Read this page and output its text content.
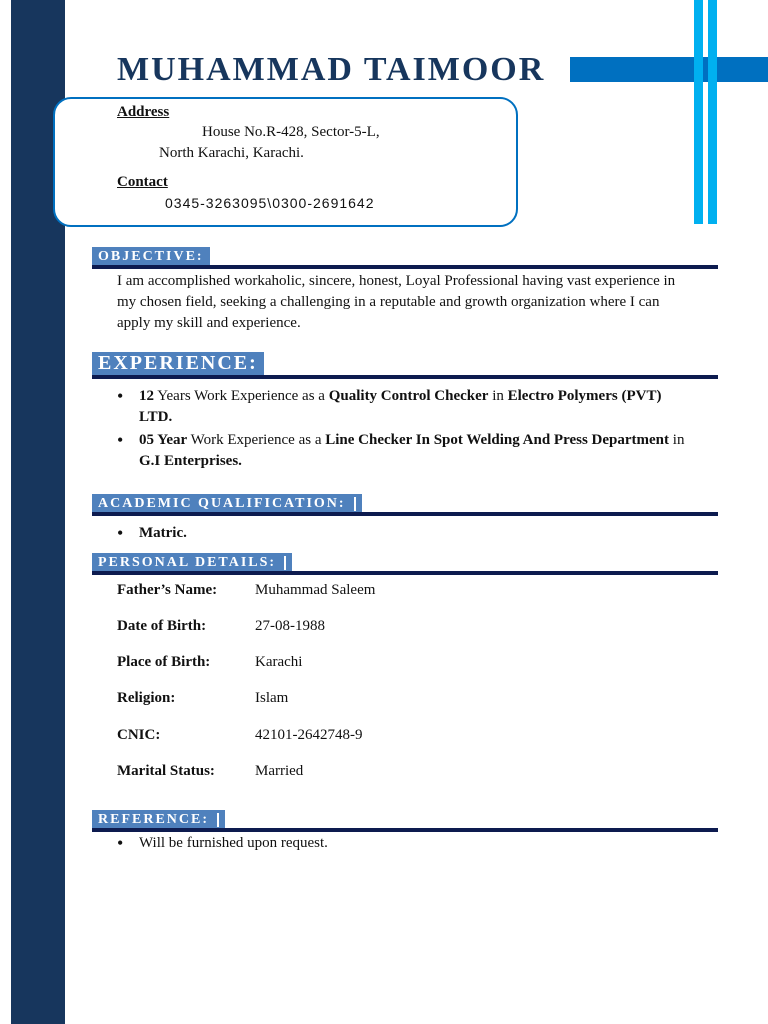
MUHAMMAD TAIMOOR
Address
House No.R-428, Sector-5-L,
North Karachi, Karachi.
Contact
0345-3263095\0300-2691642
OBJECTIVE:
I am accomplished workaholic, sincere, honest, Loyal Professional having vast experience in my chosen field, seeking a challenging in a reputable and growth organization where I can apply my skill and experience.
EXPERIENCE:
• 12 Years Work Experience as a Quality Control Checker in Electro Polymers (PVT) LTD.
• 05 Year Work Experience as a Line Checker In Spot Welding And Press Department in G.I Enterprises.
ACADEMIC QUALIFICATION:
• Matric.
PERSONAL DETAILS:
Father’s Name:	Muhammad Saleem
Date of Birth:	27-08-1988
Place of Birth:	Karachi
Religion:	Islam
CNIC:	42101-2642748-9
Marital Status:	Married
REFERENCE:
• Will be furnished upon request.
